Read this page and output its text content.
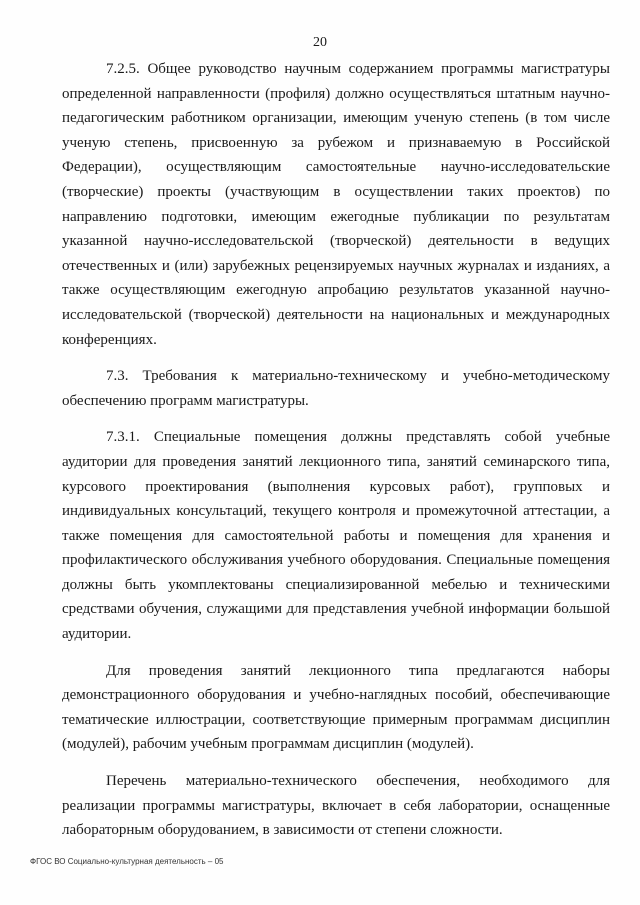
20

7.2.5. Общее руководство научным содержанием программы магистратуры определенной направленности (профиля) должно осуществляться штатным научно-педагогическим работником организации, имеющим ученую степень (в том числе ученую степень, присвоенную за рубежом и признаваемую в Российской Федерации), осуществляющим самостоятельные научно-исследовательские (творческие) проекты (участвующим в осуществлении таких проектов) по направлению подготовки, имеющим ежегодные публикации по результатам указанной научно-исследовательской (творческой) деятельности в ведущих отечественных и (или) зарубежных рецензируемых научных журналах и изданиях, а также осуществляющим ежегодную апробацию результатов указанной научно-исследовательской (творческой) деятельности на национальных и международных конференциях.

7.3. Требования к материально-техническому и учебно-методическому обеспечению программ магистратуры.

7.3.1. Специальные помещения должны представлять собой учебные аудитории для проведения занятий лекционного типа, занятий семинарского типа, курсового проектирования (выполнения курсовых работ), групповых и индивидуальных консультаций, текущего контроля и промежуточной аттестации, а также помещения для самостоятельной работы и помещения для хранения и профилактического обслуживания учебного оборудования. Специальные помещения должны быть укомплектованы специализированной мебелью и техническими средствами обучения, служащими для представления учебной информации большой аудитории.

Для проведения занятий лекционного типа предлагаются наборы демонстрационного оборудования и учебно-наглядных пособий, обеспечивающие тематические иллюстрации, соответствующие примерным программам дисциплин (модулей), рабочим учебным программам дисциплин (модулей).

Перечень материально-технического обеспечения, необходимого для реализации программы магистратуры, включает в себя лаборатории, оснащенные лабораторным оборудованием, в зависимости от степени сложности.

ФГОС ВО Социально-культурная деятельность – 05
